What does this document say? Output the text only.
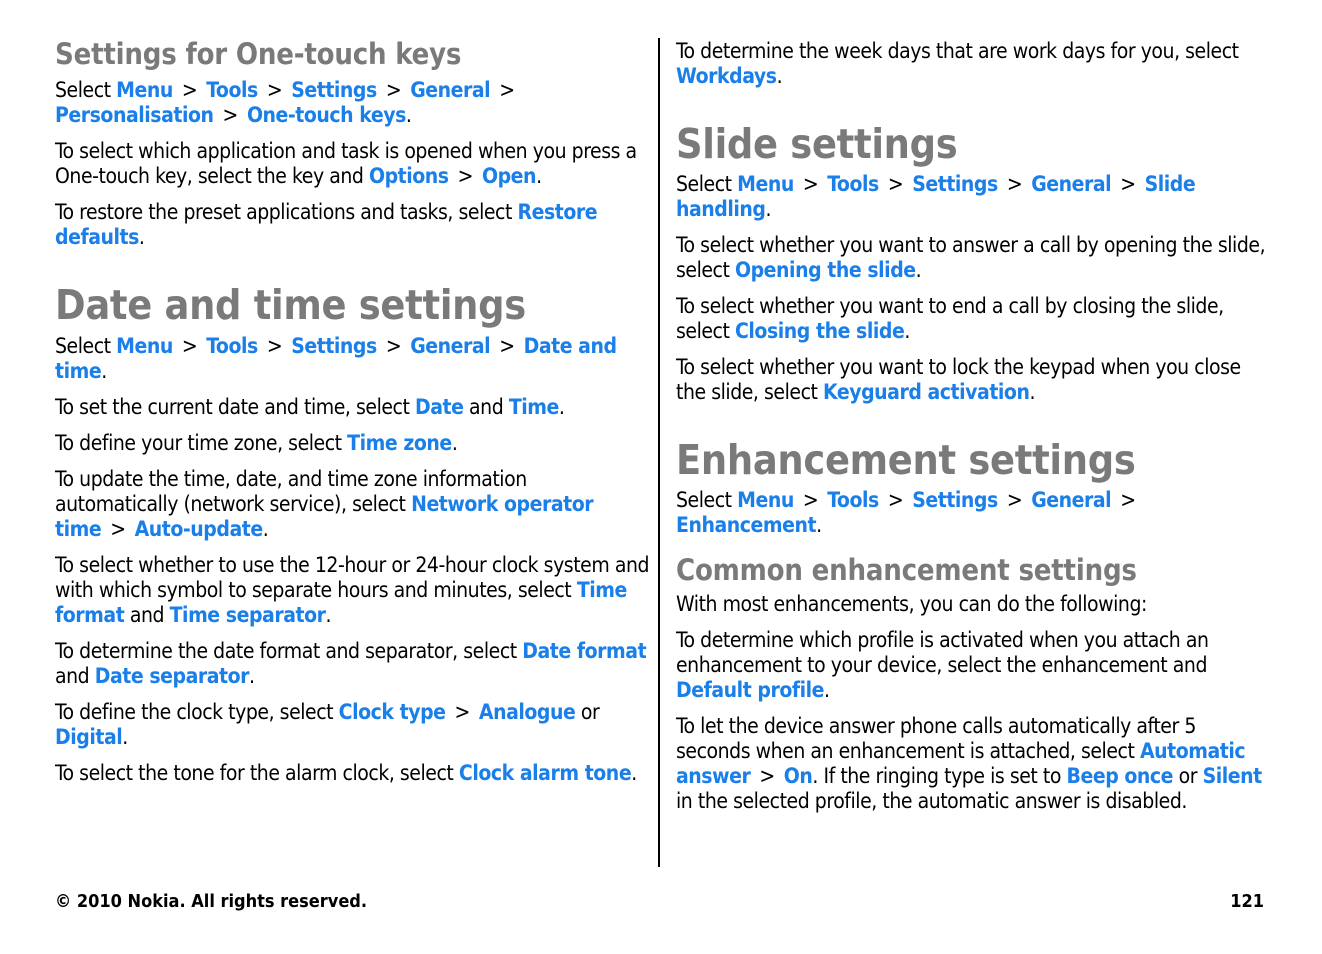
Settings for One-touch keys

Select Menu > Tools > Settings > General >
Personalisation > One-touch keys.

To select which application and task is opened when you press a One-touch key, select the key and Options > Open.

To restore the preset applications and tasks, select Restore defaults.

Date and time settings

Select Menu > Tools > Settings > General > Date and time.

To set the current date and time, select Date and Time.

To define your time zone, select Time zone.

To update the time, date, and time zone information automatically (network service), select Network operator time > Auto-update.

To select whether to use the 12-hour or 24-hour clock system and with which symbol to separate hours and minutes, select Time format and Time separator.

To determine the date format and separator, select Date format and Date separator.

To define the clock type, select Clock type > Analogue or Digital.

To select the tone for the alarm clock, select Clock alarm tone.

To determine the week days that are work days for you, select Workdays.

Slide settings

Select Menu > Tools > Settings > General > Slide handling.

To select whether you want to answer a call by opening the slide, select Opening the slide.

To select whether you want to end a call by closing the slide, select Closing the slide.

To select whether you want to lock the keypad when you close the slide, select Keyguard activation.

Enhancement settings

Select Menu > Tools > Settings > General >
Enhancement.

Common enhancement settings

With most enhancements, you can do the following:

To determine which profile is activated when you attach an enhancement to your device, select the enhancement and Default profile.

To let the device answer phone calls automatically after 5 seconds when an enhancement is attached, select Automatic answer > On. If the ringing type is set to Beep once or Silent in the selected profile, the automatic answer is disabled.

© 2010 Nokia. All rights reserved.	121
